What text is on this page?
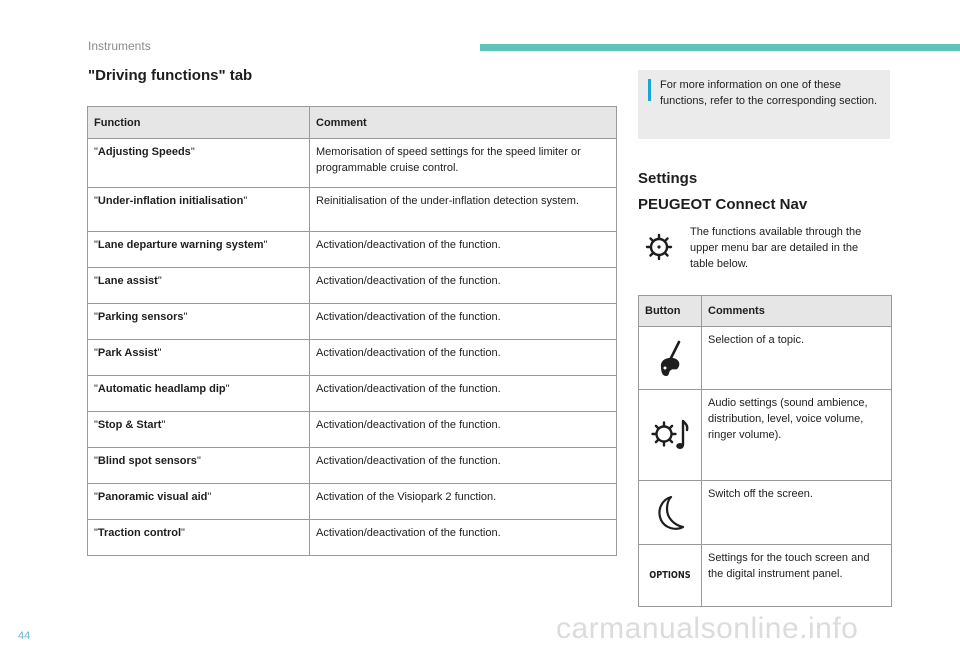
Instruments
"Driving functions" tab
Function	Comment
"Adjusting Speeds"	Memorisation of speed settings for the speed limiter or programmable cruise control.
"Under-inflation initialisation"	Reinitialisation of the under-inflation detection system.
"Lane departure warning system"	Activation/deactivation of the function.
"Lane assist"	Activation/deactivation of the function.
"Parking sensors"	Activation/deactivation of the function.
"Park Assist"	Activation/deactivation of the function.
"Automatic headlamp dip"	Activation/deactivation of the function.
"Stop & Start"	Activation/deactivation of the function.
"Blind spot sensors"	Activation/deactivation of the function.
"Panoramic visual aid"	Activation of the Visiopark 2 function.
"Traction control"	Activation/deactivation of the function.
For more information on one of these functions, refer to the corresponding section.
Settings
PEUGEOT Connect Nav
The functions available through the upper menu bar are detailed in the table below.
Button	Comments

	Selection of a topic.

	Audio settings (sound ambience, distribution, level, voice volume, ringer volume).

	Switch off the screen.

OPTIONS	Settings for the touch screen and the digital instrument panel.
44	carmanualsonline.info
